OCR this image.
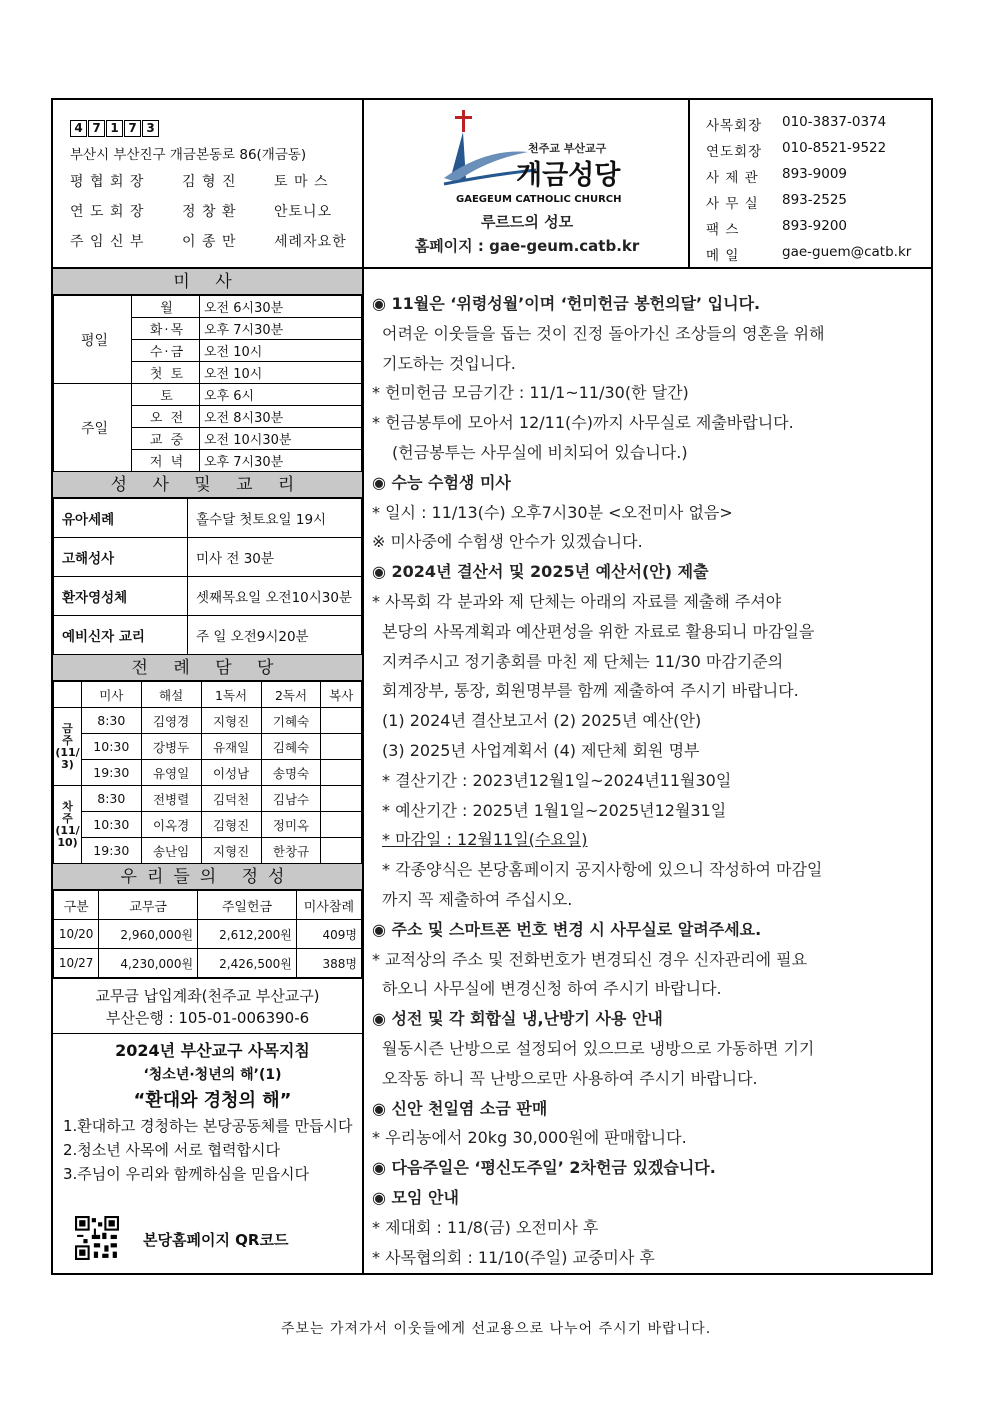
4 7 1 7 3
부산시 부산진구 개금본동로 86(개금동)
평 협 회 장	김 형 진	토 마 스
연 도 회 장	정 창 환	안토니오
주 임 신 부	이 종 만	세례자요한
천주교 부산교구
개금성당
GAEGEUM CATHOLIC CHURCH
루르드의 성모
홈페이지 : gae-geum.catb.kr
사목회장	010-3837-0374
연도회장	010-8521-9522
사 제 관	893-9009
사 무 실	893-2525
팩 스	893-9200
메 일	gae-guem@catb.kr
미 사
평일	월	오전 6시30분
	화·목	오후 7시30분
	수·금	오전 10시
	첫 토	오전 10시
주일	토	오후 6시
	오 전	오전 8시30분
	교 중	오전 10시30분
	저 녁	오후 7시30분
성 사 및 교 리
유아세례	홀수달 첫토요일 19시
고해성사	미사 전 30분
환자영성체	셋째목요일 오전10시30분
예비신자 교리	주 일 오전9시20분
전 례 담 당
	미사	해설	1독서	2독서	복사
금
주
(11/
3)	8:30	김영경	지형진	기혜숙	
	10:30	강병두	유재일	김혜숙	
	19:30	유영일	이성남	송명숙	
차
주
(11/
10)	8:30	전병렬	김덕천	김남수	
	10:30	이옥경	김형진	정미옥	
	19:30	송난임	지형진	한창규	
우리들의 정성
구분	교무금	주일헌금	미사참례
10/20	2,960,000원	2,612,200원	409명
10/27	4,230,000원	2,426,500원	388명
교무금 납입계좌(천주교 부산교구)
부산은행 : 105-01-006390-6
2024년 부산교구 사목지침
‘청소년·청년의 해’(1)
“환대와 경청의 해”
1.환대하고 경청하는 본당공동체를 만듭시다
2.청소년 사목에 서로 협력합시다
3.주님이 우리와 함께하심을 믿읍시다
본당홈페이지 QR코드
◉ 11월은 ‘위령성월’이며 ‘헌미헌금 봉헌의달’ 입니다.
어려운 이웃들을 돕는 것이 진정 돌아가신 조상들의 영혼을 위해
기도하는 것입니다.
* 헌미헌금 모금기간 : 11/1~11/30(한 달간)
* 헌금봉투에 모아서 12/11(수)까지 사무실로 제출바랍니다.
(헌금봉투는 사무실에 비치되어 있습니다.)
◉ 수능 수험생 미사
* 일시 : 11/13(수) 오후7시30분 <오전미사 없음>
※ 미사중에 수험생 안수가 있겠습니다.
◉ 2024년 결산서 및 2025년 예산서(안) 제출
* 사목회 각 분과와 제 단체는 아래의 자료를 제출해 주셔야
본당의 사목계획과 예산편성을 위한 자료로 활용되니 마감일을
지켜주시고 정기총회를 마친 제 단체는 11/30 마감기준의
회계장부, 통장, 회원명부를 함께 제출하여 주시기 바랍니다.
(1) 2024년 결산보고서 (2) 2025년 예산(안)
(3) 2025년 사업계획서 (4) 제단체 회원 명부
* 결산기간 : 2023년12월1일~2024년11월30일
* 예산기간 : 2025년 1월1일~2025년12월31일
* 마감일 : 12월11일(수요일)
* 각종양식은 본당홈페이지 공지사항에 있으니 작성하여 마감일
까지 꼭 제출하여 주십시오.
◉ 주소 및 스마트폰 번호 변경 시 사무실로 알려주세요.
* 교적상의 주소 및 전화번호가 변경되신 경우 신자관리에 필요
하오니 사무실에 변경신청 하여 주시기 바랍니다.
◉ 성전 및 각 회합실 냉,난방기 사용 안내
월동시즌 난방으로 설정되어 있으므로 냉방으로 가동하면 기기
오작동 하니 꼭 난방으로만 사용하여 주시기 바랍니다.
◉ 신안 천일염 소금 판매
* 우리농에서 20kg 30,000원에 판매합니다.
◉ 다음주일은 ‘평신도주일’ 2차헌금 있겠습니다.
◉ 모임 안내
* 제대회 : 11/8(금) 오전미사 후
* 사목협의회 : 11/10(주일) 교중미사 후
주보는 가져가서 이웃들에게 선교용으로 나누어 주시기 바랍니다.
